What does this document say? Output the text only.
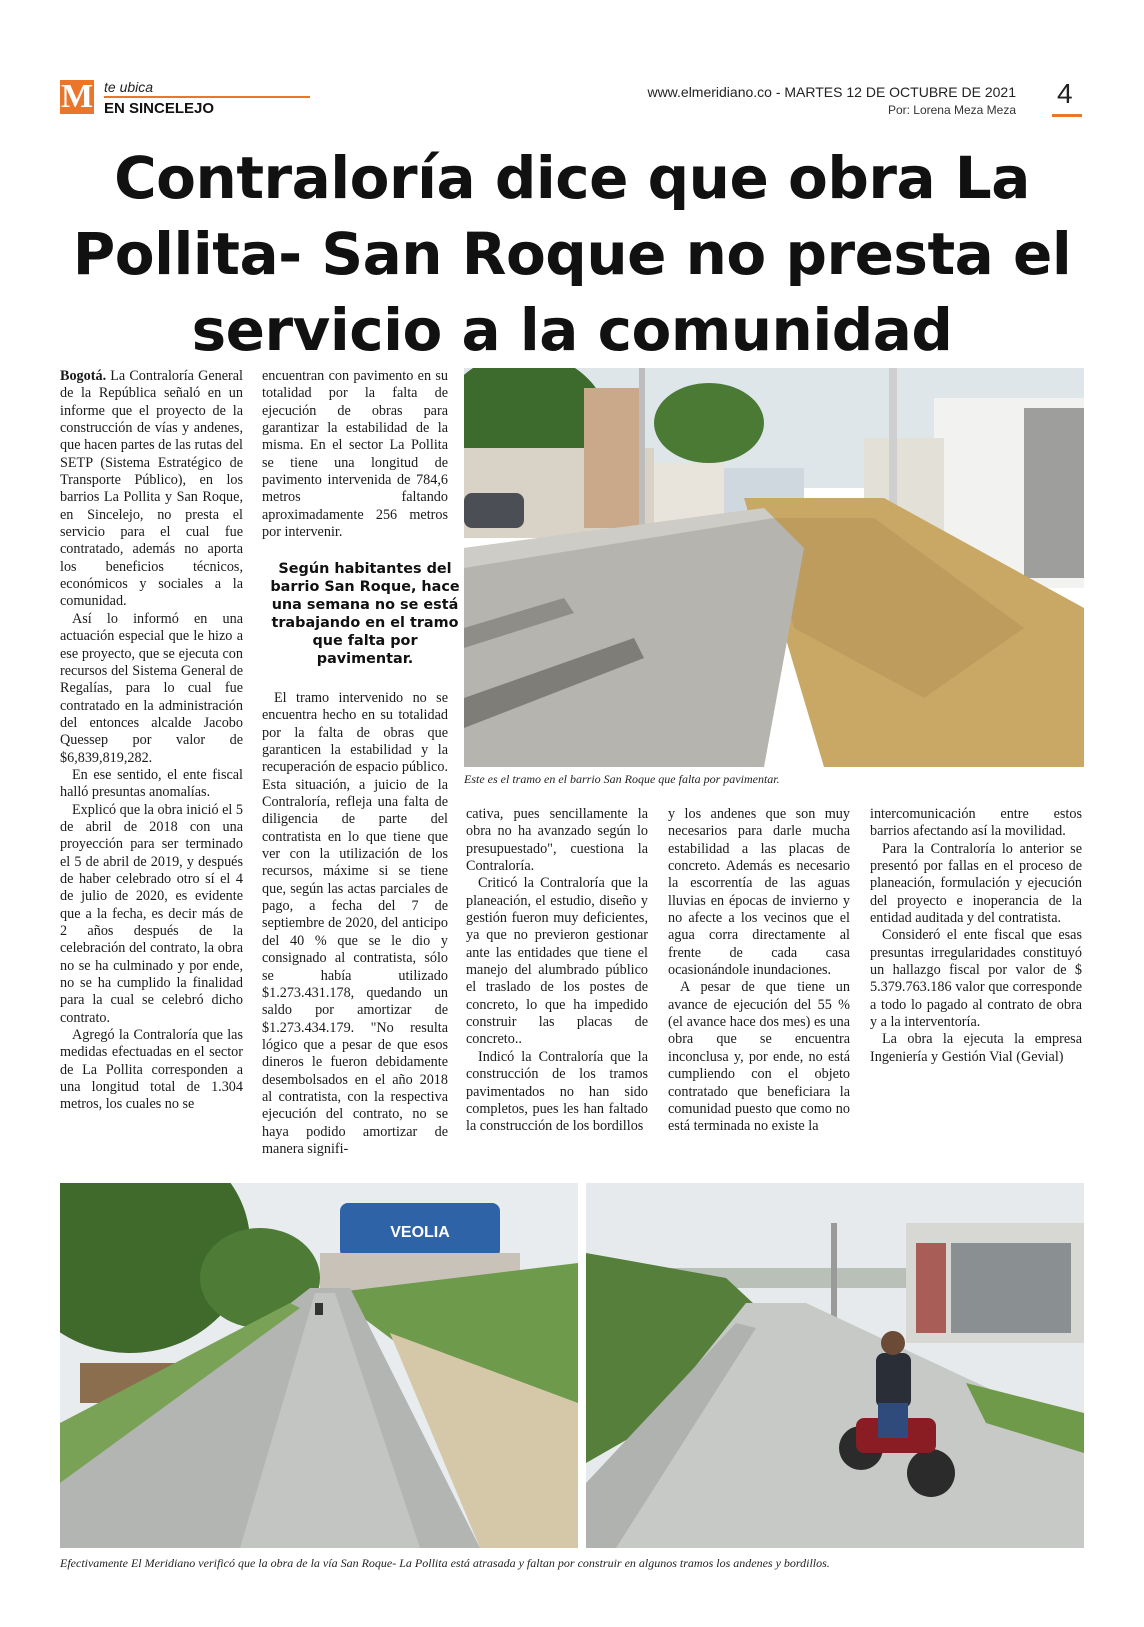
M te ubica
EN SINCELEJO
www.elmeridiano.co - MARTES 12 DE OCTUBRE DE 2021
Por: Lorena Meza Meza
4
Contraloría dice que obra La Pollita- San Roque no presta el servicio a la comunidad

Bogotá. La Contraloría General de la República señaló en un informe que el proyecto de la construcción de vías y andenes, que hacen partes de las rutas del SETP (Sistema Estratégico de Transporte Público), en los barrios La Pollita y San Roque, en Sincelejo, no presta el servicio para el cual fue contratado, además no aporta los beneficios técnicos, económicos y sociales a la comunidad.

Así lo informó en una actuación especial que le hizo a ese proyecto, que se ejecuta con recursos del Sistema General de Regalías, para lo cual fue contratado en la administración del entonces alcalde Jacobo Quessep por valor de $6,839,819,282.

En ese sentido, el ente fiscal halló presuntas anomalías.

Explicó que la obra inició el 5 de abril de 2018 con una proyección para ser terminado el 5 de abril de 2019, y después de haber celebrado otro sí el 4 de julio de 2020, es evidente que a la fecha, es decir más de 2 años después de la celebración del contrato, la obra no se ha culminado y por ende, no se ha cumplido la finalidad para la cual se celebró dicho contrato.

Agregó la Contraloría que las medidas efectuadas en el sector de La Pollita corresponden a una longitud total de 1.304 metros, los cuales no se

encuentran con pavimento en su totalidad por la falta de ejecución de obras para garantizar la estabilidad de la misma. En el sector La Pollita se tiene una longitud de pavimento intervenida de 784,6 metros faltando aproximadamente 256 metros por intervenir.

Según habitantes del barrio San Roque, hace una semana no se está trabajando en el tramo que falta por pavimentar.

El tramo intervenido no se encuentra hecho en su totalidad por la falta de obras que garanticen la estabilidad y la recuperación de espacio público. Esta situación, a juicio de la Contraloría, refleja una falta de diligencia de parte del contratista en lo que tiene que ver con la utilización de los recursos, máxime si se tiene que, según las actas parciales de pago, a fecha del 7 de septiembre de 2020, del anticipo del 40 % que se le dio y consignado al contratista, sólo se había utilizado $1.273.431.178, quedando un saldo por amortizar de $1.273.434.179. "No resulta lógico que a pesar de que esos dineros le fueron debidamente desembolsados en el año 2018 al contratista, con la respectiva ejecución del contrato, no se haya podido amortizar de manera signifi-

Este es el tramo en el barrio San Roque que falta por pavimentar.

cativa, pues sencillamente la obra no ha avanzado según lo presupuestado", cuestiona la Contraloría.

Criticó la Contraloría que la planeación, el estudio, diseño y gestión fueron muy deficientes, ya que no previeron gestionar ante las entidades que tiene el manejo del alumbrado público el traslado de los postes de concreto, lo que ha impedido construir las placas de concreto..

Indicó la Contraloría que la construcción de los tramos pavimentados no han sido completos, pues les han faltado la construcción de los bordillos

y los andenes que son muy necesarios para darle mucha estabilidad a las placas de concreto. Además es necesario la escorrentía de las aguas lluvias en épocas de invierno y no afecte a los vecinos que el agua corra directamente al frente de cada casa ocasionándole inundaciones.

A pesar de que tiene un avance de ejecución del 55 % (el avance hace dos mes) es una obra que se encuentra inconclusa y, por ende, no está cumpliendo con el objeto contratado que beneficiara la comunidad puesto que como no está terminada no existe la

intercomunicación entre estos barrios afectando así la movilidad.

Para la Contraloría lo anterior se presentó por fallas en el proceso de planeación, formulación y ejecución del proyecto e inoperancia de la entidad auditada y del contratista.

Consideró el ente fiscal que esas presuntas irregularidades constituyó un hallazgo fiscal por valor de $ 5.379.763.186 valor que corresponde a todo lo pagado al contrato de obra y a la interventoría.

La obra la ejecuta la empresa Ingeniería y Gestión Vial (Gevial)

VEOLIA
Efectivamente El Meridiano verificó que la obra de la vía San Roque- La Pollita está atrasada y faltan por construir en algunos tramos los andenes y bordillos.
